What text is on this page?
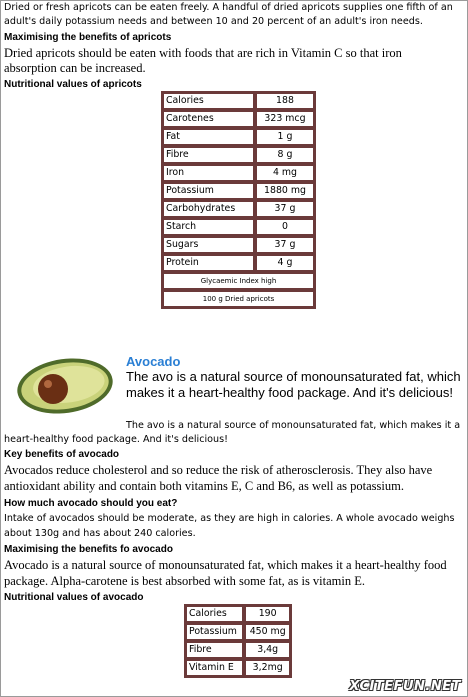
Dried or fresh apricots can be eaten freely. A handful of dried apricots supplies one fifth of an

adult's daily potassium needs and between 10 and 20 percent of an adult's iron needs.

Maximising the benefits of apricots

Dried apricots should be eaten with foods that are rich in Vitamin C so that iron

absorption can be increased.

Nutritional values of apricots

Calories	188
Carotenes	323 mcg
Fat	1 g
Fibre	8 g
Iron	4 mg
Potassium	1880 mg
Carbohydrates	37 g
Starch	0
Sugars	37 g
Protein	4 g
Glycaemic Index high	
100 g Dried apricots	
Avocado
The avo is a natural source of monounsaturated fat, which makes it a heart-healthy food package. And it's delicious!

The avo is a natural source of monounsaturated fat, which makes it a

heart-healthy food package. And it's delicious!

Key benefits of avocado

Avocados reduce cholesterol and so reduce the risk of atherosclerosis. They also have

antioxidant ability and contain both vitamins E, C and B6, as well as potassium.

How much avocado should you eat?

Intake of avocados should be moderate, as they are high in calories. A whole avocado weighs

about 130g and has about 240 calories.

Maximising the benefits fo avocado

Avocado is a natural source of monounsaturated fat, which makes it a heart-healthy food

package. Alpha-carotene is best absorbed with some fat, as is vitamin E.

Nutritional values of avocado

Calories	190
Potassium	450 mg
Fibre	3,4g
Vitamin E	3,2mg
XCITEFUN.NET
